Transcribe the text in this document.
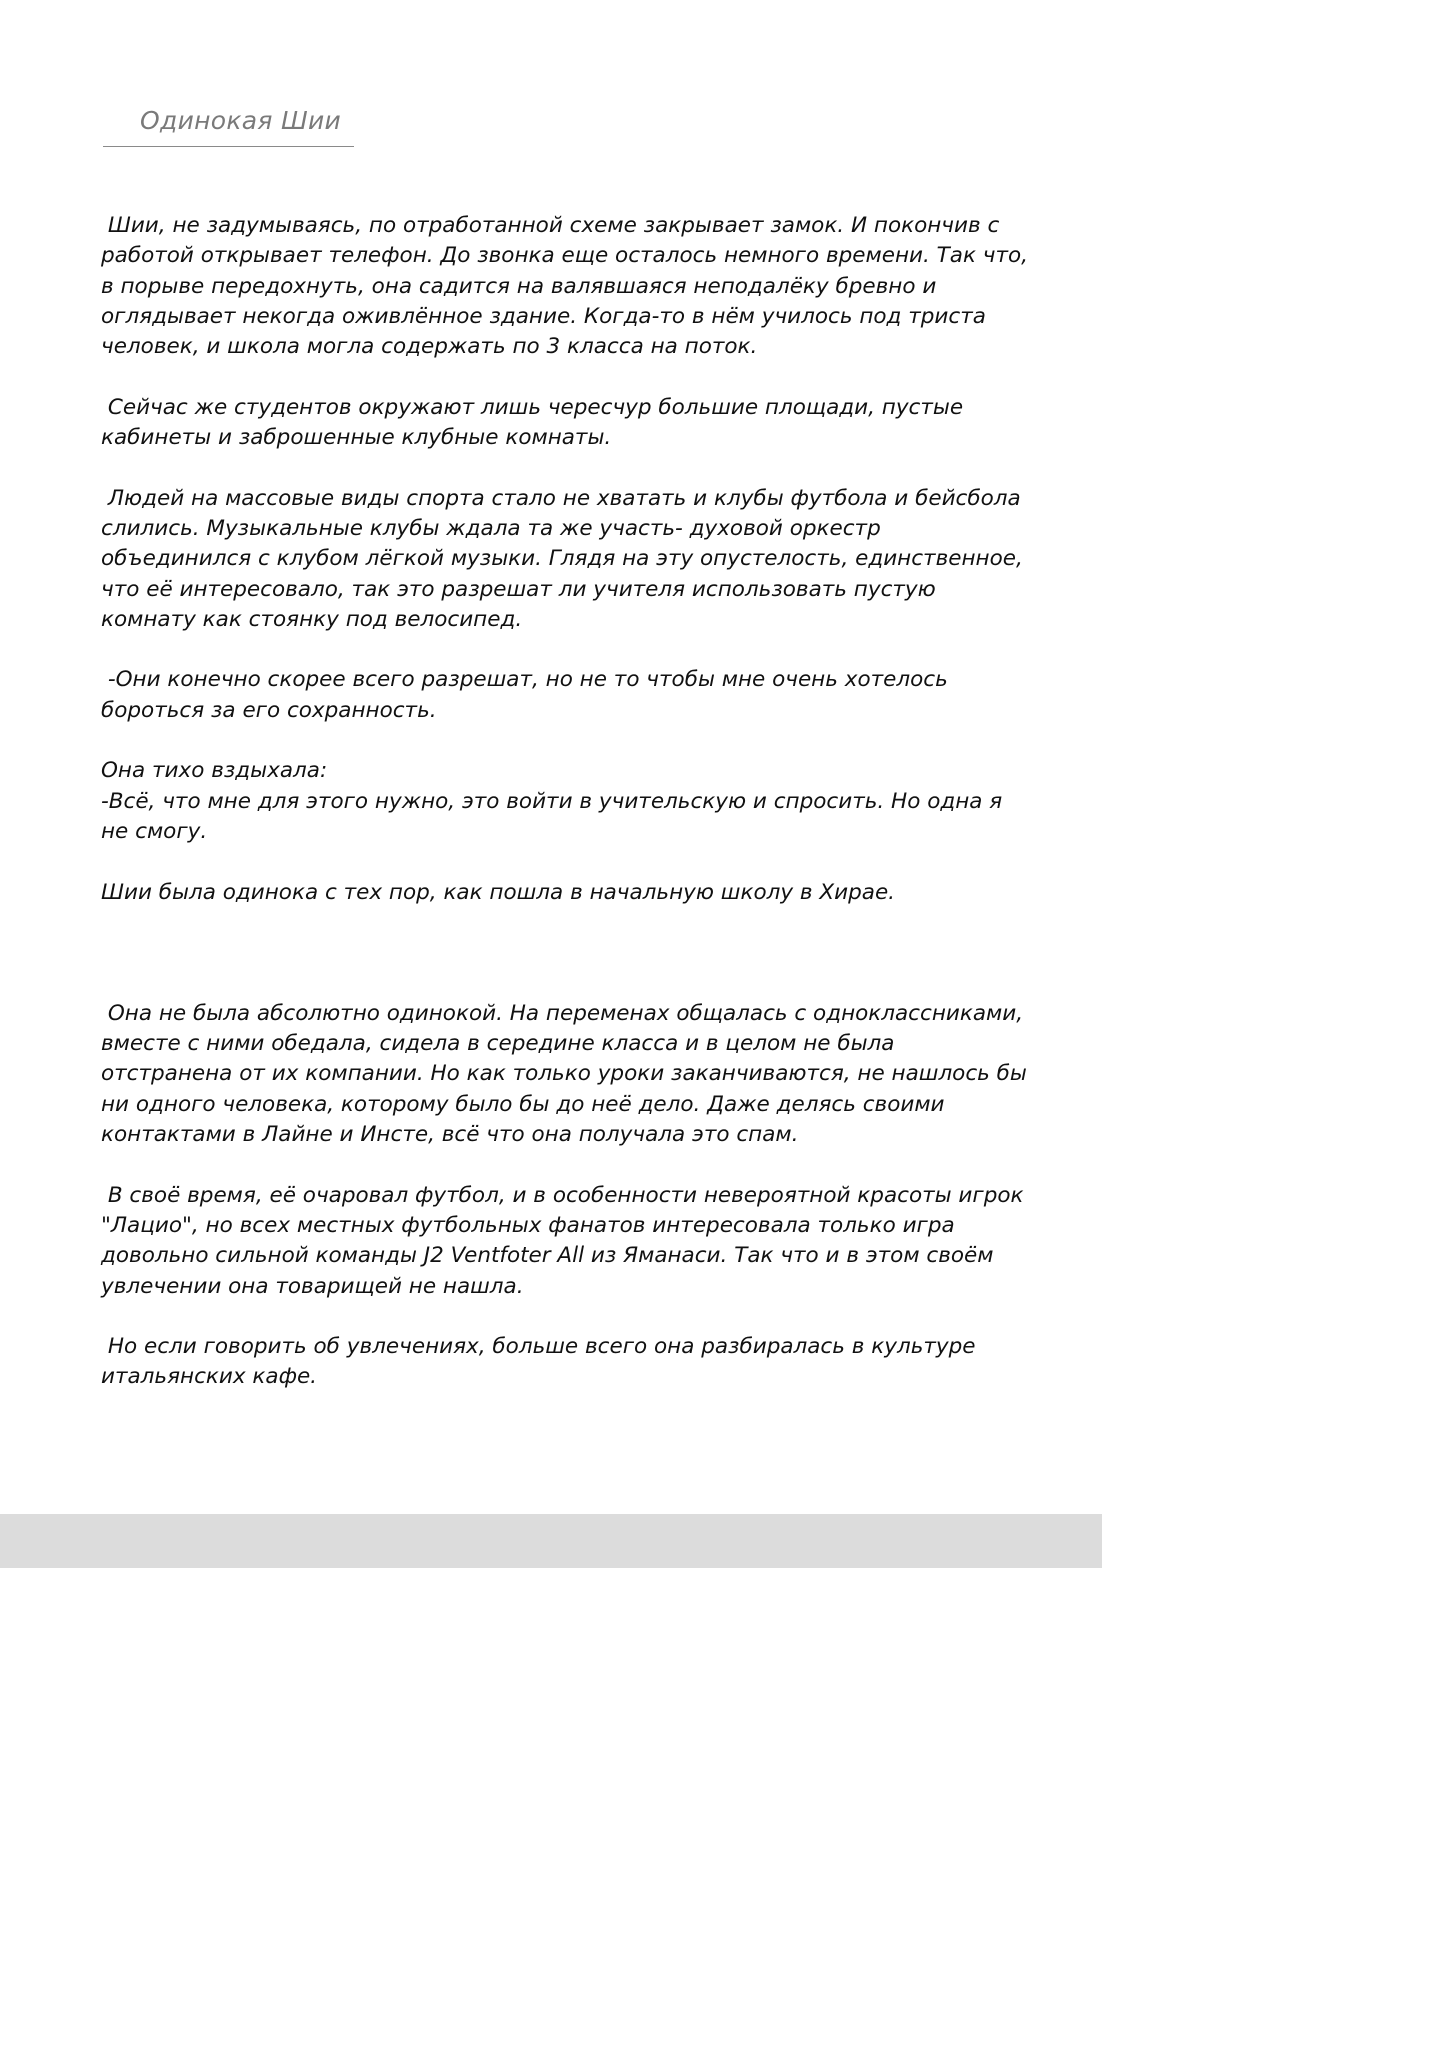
Одинокая Шии

Шии, не задумываясь, по отработанной схеме закрывает замок. И покончив с работой открывает телефон. До звонка еще осталось немного времени. Так что, в порыве передохнуть, она садится на валявшаяся неподалёку бревно и оглядывает некогда оживлённое здание. Когда-то в нём училось под триста человек, и школа могла содержать по 3 класса на поток.

Сейчас же студентов окружают лишь чересчур большие площади, пустые кабинеты и заброшенные клубные комнаты.

Людей на массовые виды спорта стало не хватать и клубы футбола и бейсбола слились. Музыкальные клубы ждала та же участь- духовой оркестр объединился с клубом лёгкой музыки. Глядя на эту опустелость, единственное, что её интересовало, так это разрешат ли учителя использовать пустую комнату как стоянку под велосипед.

-Они конечно скорее всего разрешат, но не то чтобы мне очень хотелось бороться за его сохранность.

Она тихо вздыхала:
-Всё, что мне для этого нужно, это войти в учительскую и спросить. Но одна я не смогу.

Шии была одинока с тех пор, как пошла в начальную школу в Хирае.

Она не была абсолютно одинокой. На переменах общалась с одноклассниками, вместе с ними обедала, сидела в середине класса и в целом не была отстранена от их компании. Но как только уроки заканчиваются, не нашлось бы ни одного человека, которому было бы до неё дело. Даже делясь своими контактами в Лайне и Инсте, всё что она получала это спам.

В своё время, её очаровал футбол, и в особенности невероятной красоты игрок "Лацио", но всех местных футбольных фанатов интересовала только игра довольно сильной команды J2 Ventfoter All из Яманаси. Так что и в этом своём увлечении она товарищей не нашла.

Но если говорить об увлечениях, больше всего она разбиралась в культуре итальянских кафе.
